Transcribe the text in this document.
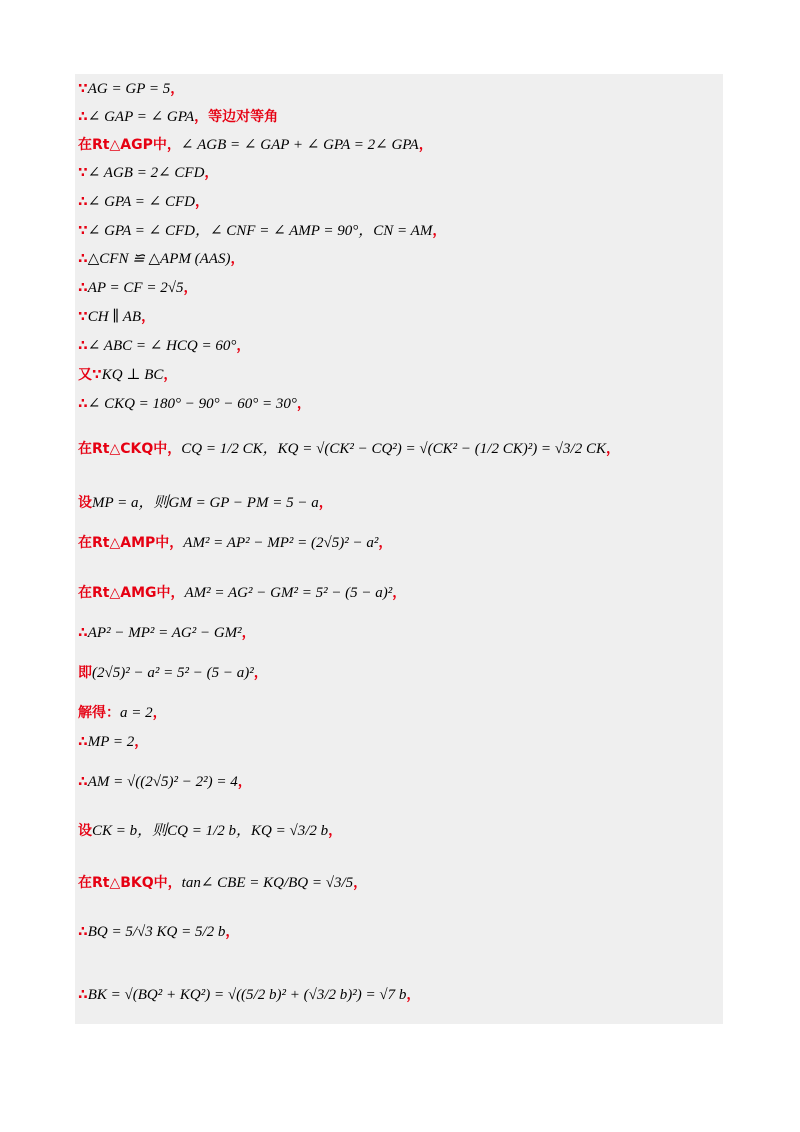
∵AG = GP = 5，
∴∠ GAP = ∠ GPA，等边对等角
在Rt△AGP中，∠ AGB = ∠ GAP + ∠ GPA = 2∠ GPA，
∵∠ AGB = 2∠ CFD，
∴∠ GPA = ∠ CFD，
∵∠ GPA = ∠ CFD，∠ CNF = ∠ AMP = 90°，CN = AM，
∴△CFN ≌ △APM (AAS)，
∴AP = CF = 2√5，
∵CH ∥ AB，
∴∠ ABC = ∠ HCQ = 60°，
又∵KQ ⊥ BC，
∴∠ CKQ = 180° − 90° − 60° = 30°，
在Rt△CKQ中，CQ = 1/2 CK，KQ = √(CK² − CQ²) = √(CK² − (1/2 CK)²) = √3/2 CK，
设MP = a，则GM = GP − PM = 5 − a，
在Rt△AMP中，AM² = AP² − MP² = (2√5)² − a²，
在Rt△AMG中，AM² = AG² − GM² = 5² − (5 − a)²，
∴AP² − MP² = AG² − GM²，
即(2√5)² − a² = 5² − (5 − a)²，
解得：a = 2，
∴MP = 2，
∴AM = √((2√5)² − 2²) = 4，
设CK = b，则CQ = 1/2 b，KQ = √3/2 b，
在Rt△BKQ中，tan∠ CBE = KQ/BQ = √3/5，
∴BQ = 5/√3 KQ = 5/2 b，
∴BK = √(BQ² + KQ²) = √((5/2 b)² + (√3/2 b)²) = √7 b，
